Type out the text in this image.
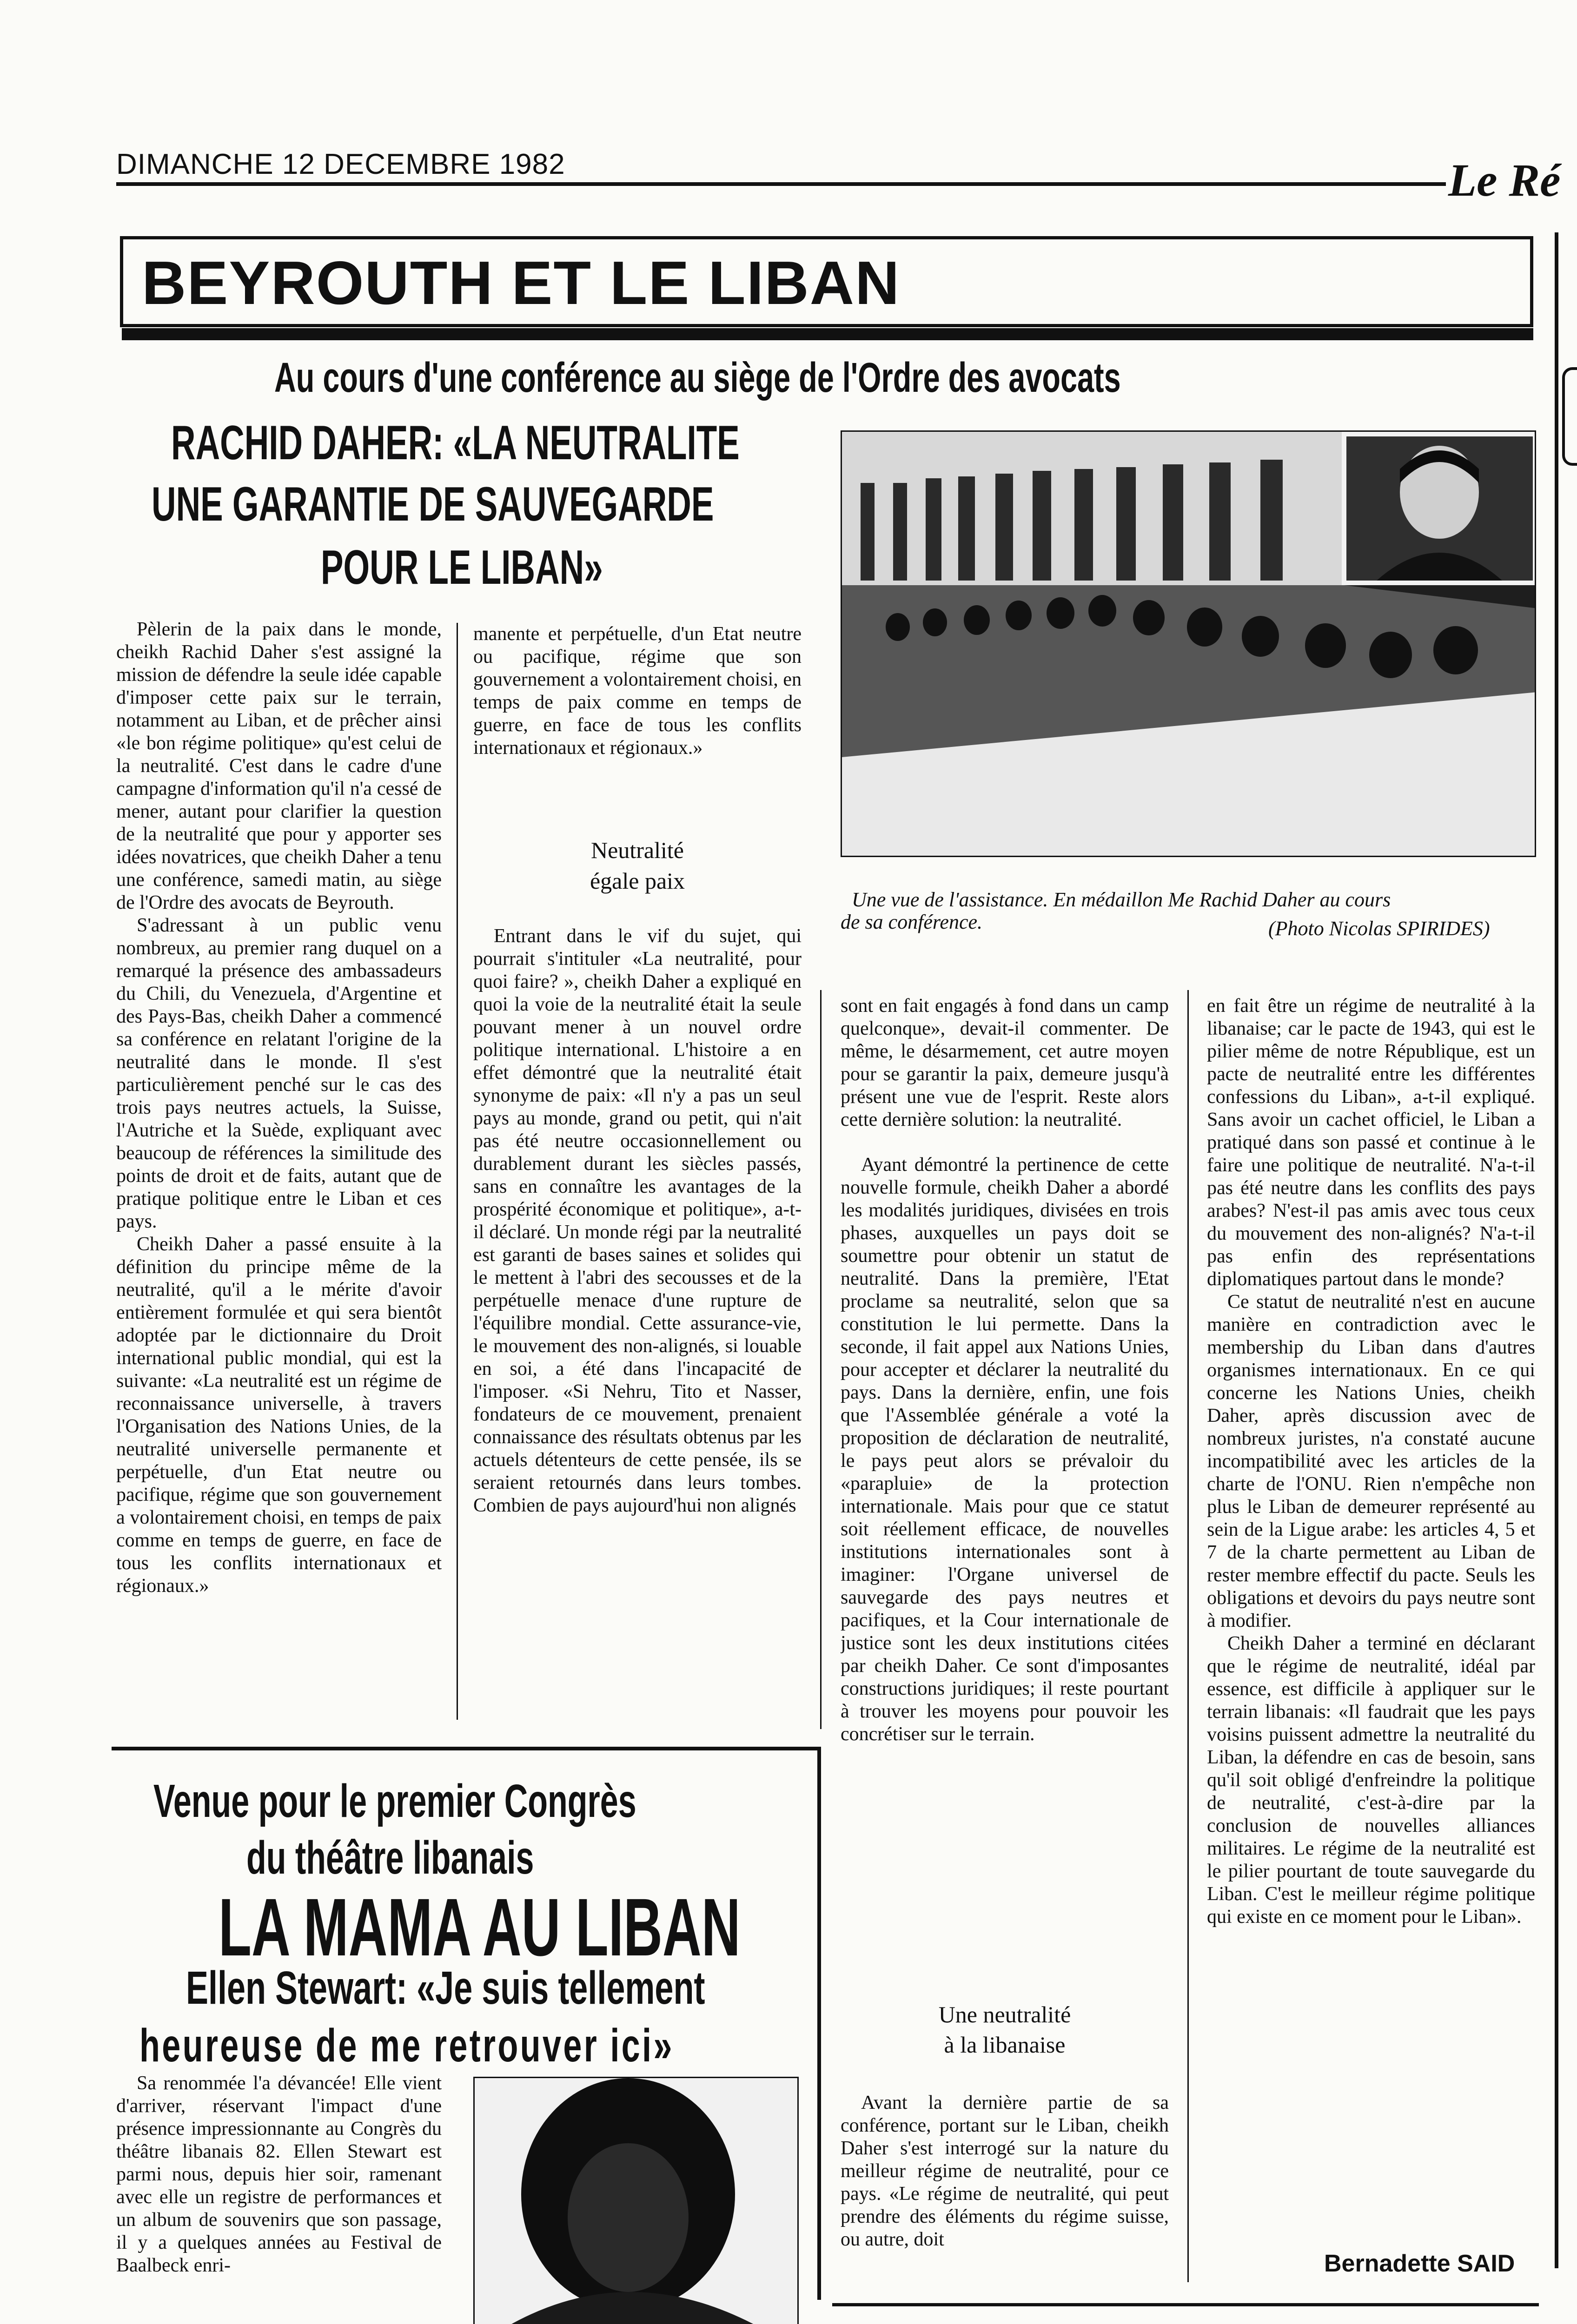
DIMANCHE 12 DECEMBRE 1982	Le Ré
BEYROUTH ET LE LIBAN
Au cours d'une conférence au siège de l'Ordre des avocats
RACHID DAHER: «LA NEUTRALITE
UNE GARANTIE DE SAUVEGARDE
POUR LE LIBAN»
Une vue de l'assistance. En médaillon Me Rachid Daher au cours
de sa conférence.	(Photo Nicolas SPIRIDES)

Pèlerin de la paix dans le monde, cheikh Rachid Daher s'est assigné la mission de défendre la seule idée capable d'imposer cette paix sur le terrain, notamment au Liban, et de prêcher ainsi «le bon régime politique» qu'est celui de la neutralité. C'est dans le cadre d'une campagne d'information qu'il n'a cessé de mener, autant pour clarifier la question de la neutralité que pour y apporter ses idées novatrices, que cheikh Daher a tenu une conférence, samedi matin, au siège de l'Ordre des avocats de Beyrouth.

S'adressant à un public venu nombreux, au premier rang duquel on a remarqué la présence des ambassadeurs du Chili, du Venezuela, d'Argentine et des Pays-Bas, cheikh Daher a commencé sa conférence en relatant l'origine de la neutralité dans le monde. Il s'est particulièrement penché sur le cas des trois pays neutres actuels, la Suisse, l'Autriche et la Suède, expliquant avec beaucoup de références la similitude des points de droit et de faits, autant que de pratique politique entre le Liban et ces pays.

Cheikh Daher a passé ensuite à la définition du principe même de la neutralité, qu'il a le mérite d'avoir entièrement formulée et qui sera bientôt adoptée par le dictionnaire du Droit international public mondial, qui est la suivante: «La neutralité est un régime de reconnaissance universelle, à travers l'Organisation des Nations Unies, de la neutralité universelle permanente et perpétuelle, d'un Etat neutre ou pacifique, régime que son gouvernement a volontairement choisi, en temps de paix comme en temps de guerre, en face de tous les conflits internationaux et régionaux.»

manente et perpétuelle, d'un Etat neutre ou pacifique, régime que son gouvernement a volontairement choisi, en temps de paix comme en temps de guerre, en face de tous les conflits internationaux et régionaux.»

Neutralité
égale paix

Entrant dans le vif du sujet, qui pourrait s'intituler «La neutralité, pour quoi faire? », cheikh Daher a expliqué en quoi la voie de la neutralité était la seule pouvant mener à un nouvel ordre politique international. L'histoire a en effet démontré que la neutralité était synonyme de paix: «Il n'y a pas un seul pays au monde, grand ou petit, qui n'ait pas été neutre occasionnellement ou durablement durant les siècles passés, sans en connaître les avantages de la prospérité économique et politique», a-t-il déclaré. Un monde régi par la neutralité est garanti de bases saines et solides qui le mettent à l'abri des secousses et de la perpétuelle menace d'une rupture de l'équilibre mondial. Cette assurance-vie, le mouvement des non-alignés, si louable en soi, a été dans l'incapacité de l'imposer. «Si Nehru, Tito et Nasser, fondateurs de ce mouvement, prenaient connaissance des résultats obtenus par les actuels détenteurs de cette pensée, ils se seraient retournés dans leurs tombes. Combien de pays aujourd'hui non alignés

sont en fait engagés à fond dans un camp quelconque», devait-il commenter. De même, le désarmement, cet autre moyen pour se garantir la paix, demeure jusqu'à présent une vue de l'esprit. Reste alors cette dernière solution: la neutralité.

Ayant démontré la pertinence de cette nouvelle formule, cheikh Daher a abordé les modalités juridiques, divisées en trois phases, auxquelles un pays doit se soumettre pour obtenir un statut de neutralité. Dans la première, l'Etat proclame sa neutralité, selon que sa constitution le lui permette. Dans la seconde, il fait appel aux Nations Unies, pour accepter et déclarer la neutralité du pays. Dans la dernière, enfin, une fois que l'Assemblée générale a voté la proposition de déclaration de neutralité, le pays peut alors se prévaloir du «parapluie» de la protection internationale. Mais pour que ce statut soit réellement efficace, de nouvelles institutions internationales sont à imaginer: l'Organe universel de sauvegarde des pays neutres et pacifiques, et la Cour internationale de justice sont les deux institutions citées par cheikh Daher. Ce sont d'imposantes constructions juridiques; il reste pourtant à trouver les moyens pour pouvoir les concrétiser sur le terrain.

Une neutralité
à la libanaise

Avant la dernière partie de sa conférence, portant sur le Liban, cheikh Daher s'est interrogé sur la nature du meilleur régime de neutralité, pour ce pays. «Le régime de neutralité, qui peut prendre des éléments du régime suisse, ou autre, doit

en fait être un régime de neutralité à la libanaise; car le pacte de 1943, qui est le pilier même de notre République, est un pacte de neutralité entre les différentes confessions du Liban», a-t-il expliqué. Sans avoir un cachet officiel, le Liban a pratiqué dans son passé et continue à le faire une politique de neutralité. N'a-t-il pas été neutre dans les conflits des pays arabes? N'est-il pas amis avec tous ceux du mouvement des non-alignés? N'a-t-il pas enfin des représentations diplomatiques partout dans le monde?

Ce statut de neutralité n'est en aucune manière en contradiction avec le membership du Liban dans d'autres organismes internationaux. En ce qui concerne les Nations Unies, cheikh Daher, après discussion avec de nombreux juristes, n'a constaté aucune incompatibilité avec les articles de la charte de l'ONU. Rien n'empêche non plus le Liban de demeurer représenté au sein de la Ligue arabe: les articles 4, 5 et 7 de la charte permettent au Liban de rester membre effectif du pacte. Seuls les obligations et devoirs du pays neutre sont à modifier.

Cheikh Daher a terminé en déclarant que le régime de neutralité, idéal par essence, est difficile à appliquer sur le terrain libanais: «Il faudrait que les pays voisins puissent admettre la neutralité du Liban, la défendre en cas de besoin, sans qu'il soit obligé d'enfreindre la politique de neutralité, c'est-à-dire par la conclusion de nouvelles alliances militaires. Le régime de la neutralité est le pilier pourtant de toute sauvegarde du Liban. C'est le meilleur régime politique qui existe en ce moment pour le Liban».

Bernadette SAID
Venue pour le premier Congrès
du théâtre libanais
LA MAMA AU LIBAN
Ellen Stewart: «Je suis tellement
heureuse de me retrouver ici»

Sa renommée l'a dévancée! Elle vient d'arriver, réservant l'impact d'une présence impressionnante au Congrès du théâtre libanais 82. Ellen Stewart est parmi nous, depuis hier soir, ramenant avec elle un registre de performances et un album de souvenirs que son passage, il y a quelques années au Festival de Baalbeck enri-
